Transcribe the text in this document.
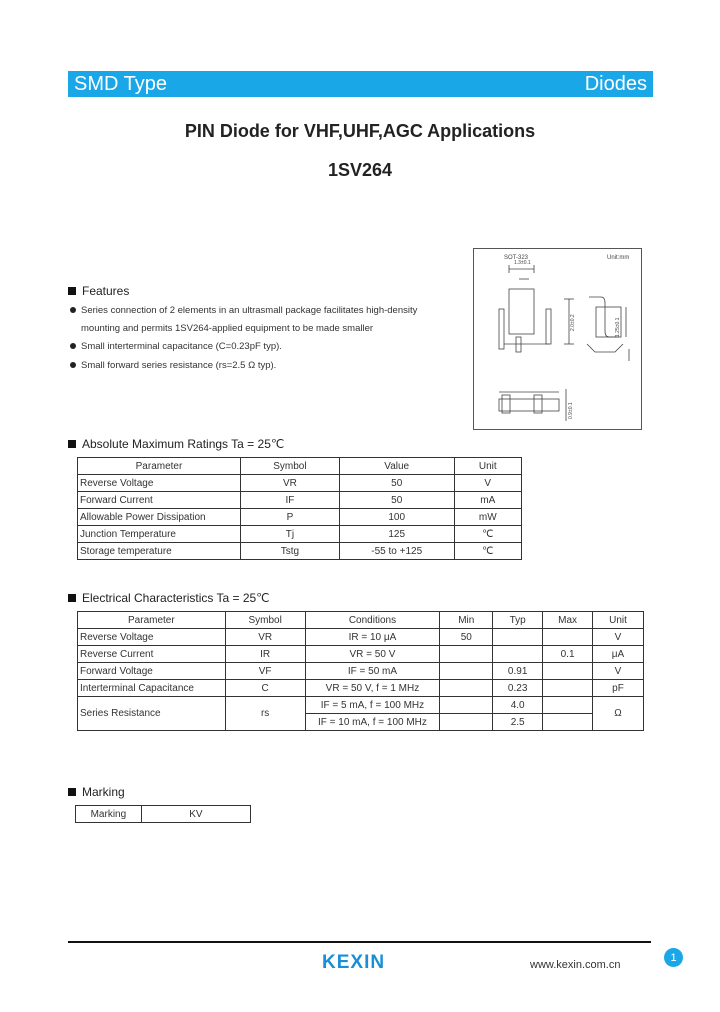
SMD Type	Diodes
PIN Diode for VHF,UHF,AGC Applications
1SV264
SOT-323	Unit:mm
2.0±0.2	1.25±0.1
0.9±0.1
1.3±0.1
Features
Series connection of 2 elements in an ultrasmall package facilitates high-density
mounting and permits 1SV264-applied equipment to be made smaller
Small interterminal capacitance (C=0.23pF typ).
Small forward series resistance (rs=2.5 Ω typ).
Absolute Maximum Ratings Ta = 25℃
Parameter	Symbol	Value	Unit
Reverse Voltage	VR	50	V
Forward Current	IF	50	mA
Allowable Power Dissipation	P	100	mW
Junction Temperature	Tj	125	℃
Storage temperature	Tstg	-55 to +125	℃
Electrical Characteristics Ta = 25℃
Parameter	Symbol	Conditions	Min	Typ	Max	Unit
Reverse Voltage	VR	IR = 10 μA	50			V
Reverse Current	IR	VR = 50 V			0.1	μA
Forward Voltage	VF	IF = 50 mA		0.91		V
Interterminal Capacitance	C	VR = 50 V, f = 1 MHz		0.23		pF
Series Resistance	rs	IF = 5 mA, f = 100 MHz		4.0		Ω
		IF = 10 mA, f = 100 MHz		2.5		
Marking
Marking	KV
KEXIN	www.kexin.com.cn
1
